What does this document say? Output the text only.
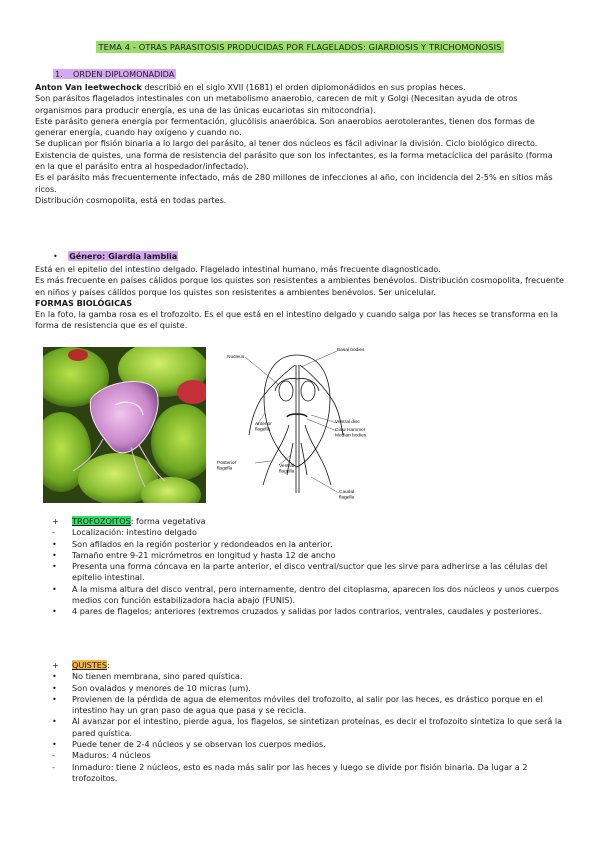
TEMA 4 - OTRAS PARASITOSIS PRODUCIDAS POR FLAGELADOS: GIARDIOSIS Y TRICHOMONOSIS
1. ORDEN DIPLOMONADIDA

Anton Van leetwechock describió en el siglo XVII (1681) el orden diplomonádidos en sus propias heces.

Son parásitos flagelados intestinales con un metabolismo anaerobio, carecen de mit y Golgi (Necesitan ayuda de otros organismos para producir energía, es una de las únicas eucariotas sin mitocondria).

Este parásito genera energía por fermentación, glucólisis anaeróbica. Son anaerobios aerotolerantes, tienen dos formas de generar energía, cuando hay oxígeno y cuando no.

Se duplican por fisión binaria a lo largo del parásito, al tener dos núcleos es fácil adivinar la división. Ciclo biológico directo.

Existencia de quistes, una forma de resistencia del parásito que son los infectantes, es la forma metacíclica del parásito (forma en la que el parásito entra al hospedador/infectado).

Es el parásito más frecuentemente infectado, más de 280 millones de infecciones al año, con incidencia del 2-5% en sitios más ricos.

Distribución cosmopolita, está en todas partes.

• Género: Giardia lamblia

Está en el epitelio del intestino delgado. Flagelado intestinal humano, más frecuente diagnosticado.

Es más frecuente en países cálidos porque los quistes son resistentes a ambientes benévolos. Distribución cosmopolita, frecuente en niños y países cálidos porque los quistes son resistentes a ambientes benévolos. Ser unicelular.

FORMAS BIOLÓGICAS

En la foto, la gamba rosa es el trofozoito. Es el que está en el intestino delgado y cuando salga por las heces se transforma en la forma de resistencia que es el quiste.

Nucleus
Basal bodies
Anterior flagella
Ventral disc
Claw Hammer Median bodies
Posterior flagella	Ventral flagella
Caudal flagella
+	TROFOZOITOS: forma vegetativa
-	Localización: intestino delgado
•	Son afilados en la región posterior y redondeados en la anterior.
•	Tamaño entre 9-21 micrómetros en longitud y hasta 12 de ancho
•	Presenta una forma cóncava en la parte anterior, el disco ventral/suctor que les sirve para adherirse a las células del epitelio intestinal.
•	A la misma altura del disco ventral, pero internamente, dentro del citoplasma, aparecen los dos núcleos y unos cuerpos medios con función estabilizadora hacia abajo (FUNIS).
•	4 pares de flagelos; anteriores (extremos cruzados y salidas por lados contrarios, ventrales, caudales y posteriores.
+	QUISTES:
•	No tienen membrana, sino pared quística.
•	Son ovalados y menores de 10 micras (um).
•	Provienen de la pérdida de agua de elementos móviles del trofozoito, al salir por las heces, es drástico porque en el intestino hay un gran paso de agua que pasa y se recicla.
•	Al avanzar por el intestino, pierde agua, los flagelos, se sintetizan proteínas, es decir el trofozoito sintetiza lo que será la pared quística.
•	Puede tener de 2-4 núcleos y se observan los cuerpos medios.
-	Maduros: 4 núcleos
-	Inmaduro: tiene 2 núcleos, esto es nada más salir por las heces y luego se divide por fisión binaria. Da lugar a 2 trofozoitos.
